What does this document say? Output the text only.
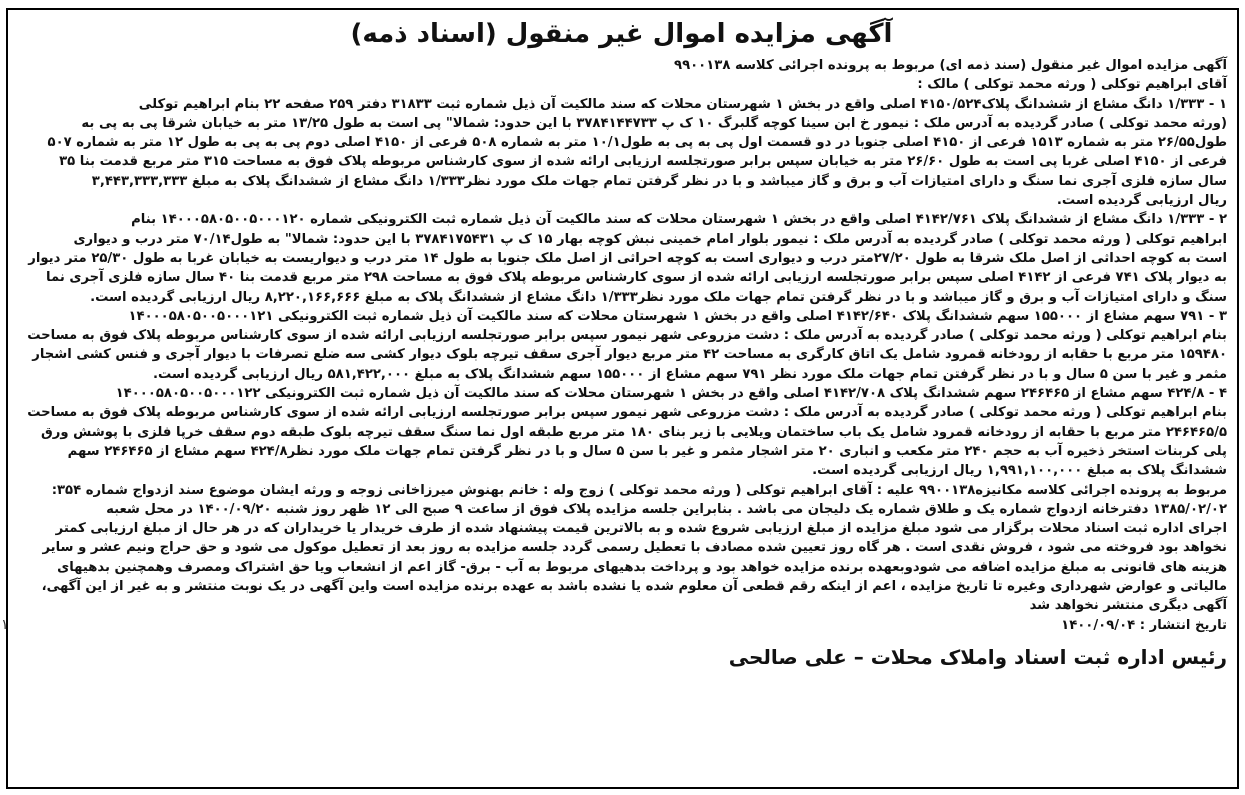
آگهی مزایده اموال غیر منقول (اسناد ذمه)
آگهی مزایده اموال غیر منقول (سند ذمه ای) مربوط به پرونده اجرائی کلاسه ۹۹۰۰۱۳۸
آقای ابراهیم توکلی ( ورثه محمد توکلی ) مالک :
۱ - ۱/۳۳۳ دانگ مشاع از ششدانگ پلاک۴۱۵۰/۵۲۴ اصلی واقع در بخش ۱ شهرستان محلات که سند مالکیت آن ذیل شماره ثبت ۳۱۸۳۳ دفتر ۲۵۹ صفحه ۲۲ بنام ابراهیم توکلی
(ورثه محمد توکلی ) صادر گردیده به آدرس ملک : نیمور خ ابن سینا کوچه گلبرگ ۱۰ ک پ ۳۷۸۴۱۴۴۷۳۳ با این حدود: شمالا" پی است به طول ۱۳/۲۵ متر به خیابان شرقا پی به پی به
طول۲۶/۵۵ متر به شماره ۱۵۱۳ فرعی از ۴۱۵۰ اصلی جنوبا در دو قسمت اول پی به پی به طول۱۰/۱ متر به شماره ۵۰۸ فرعی از ۴۱۵۰ اصلی دوم پی به پی به طول ۱۲ متر به شماره ۵۰۷
فرعی از ۴۱۵۰ اصلی غربا پی است به طول ۲۶/۶۰ متر به خیابان سپس برابر صورتجلسه ارزیابی ارائه شده از سوی کارشناس مربوطه پلاک فوق به مساحت ۳۱۵ متر مربع قدمت بنا ۳۵
سال سازه فلزی آجری نما سنگ و دارای امتیازات آب و برق و گاز میباشد و با در نظر گرفتن تمام جهات ملک مورد نظر۱/۳۳۳ دانگ مشاع از ششدانگ پلاک به مبلغ ۳,۴۴۳,۳۳۳,۳۳۳
ریال ارزیابی گردیده است.
۲ - ۱/۳۳۳ دانگ مشاع از ششدانگ پلاک ۴۱۴۲/۷۶۱ اصلی واقع در بخش ۱ شهرستان محلات که سند مالکیت آن ذیل شماره ثبت الکترونیکی شماره ۱۴۰۰۰۵۸۰۵۰۰۵۰۰۰۱۲۰ بنام
ابراهیم توکلی ( ورثه محمد توکلی ) صادر گردیده به آدرس ملک : نیمور بلوار امام خمینی نبش کوچه بهار ۱۵ ک پ ۳۷۸۴۱۷۵۴۳۱ با این حدود: شمالا" به طول۷۰/۱۴ متر درب و دیواری
است به کوچه احداثی از اصل ملک شرقا به طول ۲۷/۲۰متر درب و دیواری است به کوچه احراثی از اصل ملک جنوبا به طول ۱۴ متر درب و دیواریست به خیابان غربا به طول ۲۵/۳۰ متر دیوار
به دیوار پلاک ۷۴۱ فرعی از ۴۱۴۲ اصلی سپس برابر صورتجلسه ارزیابی ارائه شده از سوی کارشناس مربوطه پلاک فوق به مساحت ۲۹۸ متر مربع قدمت بنا ۴۰ سال سازه فلزی آجری نما
سنگ و دارای امتیازات آب و برق و گاز میباشد و با در نظر گرفتن تمام جهات ملک مورد نظر۱/۳۳۳ دانگ مشاع از ششدانگ پلاک به مبلغ ۸,۲۲۰,۱۶۶,۶۶۶ ریال ارزیابی گردیده است.
۳ - ۷۹۱ سهم مشاع از ۱۵۵۰۰۰ سهم ششدانگ پلاک ۴۱۴۲/۶۴۰ اصلی واقع در بخش ۱ شهرستان محلات که سند مالکیت آن ذیل شماره ثبت الکترونیکی ۱۴۰۰۰۵۸۰۵۰۰۵۰۰۰۱۲۱
بنام ابراهیم توکلی ( ورثه محمد توکلی ) صادر گردیده به آدرس ملک : دشت مزروعی شهر نیمور سپس برابر صورتجلسه ارزیابی ارائه شده از سوی کارشناس مربوطه پلاک فوق به مساحت
۱۵۹۴۸۰ متر مربع با حقابه از رودخانه قمرود شامل یک اتاق کارگری به مساحت ۴۲ متر مربع دیوار آجری سقف تیرچه بلوک دیوار کشی سه ضلع تصرفات با دیوار آجری و فنس کشی اشجار
مثمر و غیر با سن ۵ سال و با در نظر گرفتن تمام جهات ملک مورد نظر ۷۹۱ سهم مشاع از ۱۵۵۰۰۰ سهم ششدانگ پلاک به مبلغ ۵۸۱,۴۲۲,۰۰۰ ریال ارزیابی گردیده است.
۴ - ۴۲۴/۸ سهم مشاع از ۲۴۶۴۶۵ سهم ششدانگ پلاک ۴۱۴۲/۷۰۸ اصلی واقع در بخش ۱ شهرستان محلات که سند مالکیت آن ذیل شماره ثبت الکترونیکی ۱۴۰۰۰۵۸۰۵۰۰۵۰۰۰۱۲۲
بنام ابراهیم توکلی ( ورثه محمد توکلی ) صادر گردیده به آدرس ملک : دشت مزروعی شهر نیمور سپس برابر صورتجلسه ارزیابی ارائه شده از سوی کارشناس مربوطه پلاک فوق به مساحت
۲۴۶۴۶۵/۵ متر مربع با حقابه از رودخانه قمرود شامل یک باب ساختمان ویلایی با زیر بنای ۱۸۰ متر مربع طبقه اول نما سنگ سقف تیرچه بلوک طبقه دوم سقف خرپا فلزی با پوشش ورق
پلی کربنات استخر ذخیره آب به حجم ۲۴۰ متر مکعب و انباری ۲۰ متر اشجار مثمر و غیر با سن ۵ سال و با در نظر گرفتن تمام جهات ملک مورد نظر۴۲۴/۸ سهم مشاع از ۲۴۶۴۶۵ سهم
ششدانگ پلاک به مبلغ ۱,۹۹۱,۱۰۰,۰۰۰ ریال ارزیابی گردیده است.
مربوط به پرونده اجرائی کلاسه مکانیزه۹۹۰۰۱۳۸ علیه : آقای ابراهیم توکلی ( ورثه محمد توکلی ) زوج وله : خانم بهنوش میرزاخانی زوجه و ورثه ایشان موضوع سند ازدواج شماره ۳۵۴:
۱۳۸۵/۰۲/۰۲ دفترخانه ازدواج شماره یک و طلاق شماره یک دلیجان می باشد . بنابراین جلسه مزایده پلاک فوق از ساعت ۹ صبح الی ۱۲ ظهر روز شنبه ۱۴۰۰/۰۹/۲۰ در محل شعبه
اجرای اداره ثبت اسناد محلات برگزار می شود مبلغ مزایده از مبلغ ارزیابی شروع شده و به بالاترین قیمت پیشنهاد شده از طرف خریدار یا خریداران که در هر حال از مبلغ ارزیابی کمتر
نخواهد بود فروخته می شود ، فروش نقدی است . هر گاه روز تعیین شده مصادف با تعطیل رسمی گردد جلسه مزایده به روز بعد از تعطیل موکول می شود و حق حراج ونیم عشر و سایر
هزینه های قانونی به مبلغ مزایده اضافه می شودوبعهده برنده مزایده خواهد بود و پرداخت بدهیهای مربوط به آب - برق- گاز اعم از انشعاب ویا حق اشتراک ومصرف وهمچنین بدهیهای
مالیاتی و عوارض شهرداری وغیره تا تاریخ مزایده ، اعم از اینکه رقم قطعی آن معلوم شده یا نشده باشد به عهده برنده مزایده است واین آگهی در یک نوبت منتشر و به غیر از این آگهی،
آگهی دیگری منتشر نخواهد شد
تاریخ انتشار : ۱۴۰۰/۰۹/۰۴
رئیس اداره ثبت اسناد واملاک محلات – علی صالحی
۱
